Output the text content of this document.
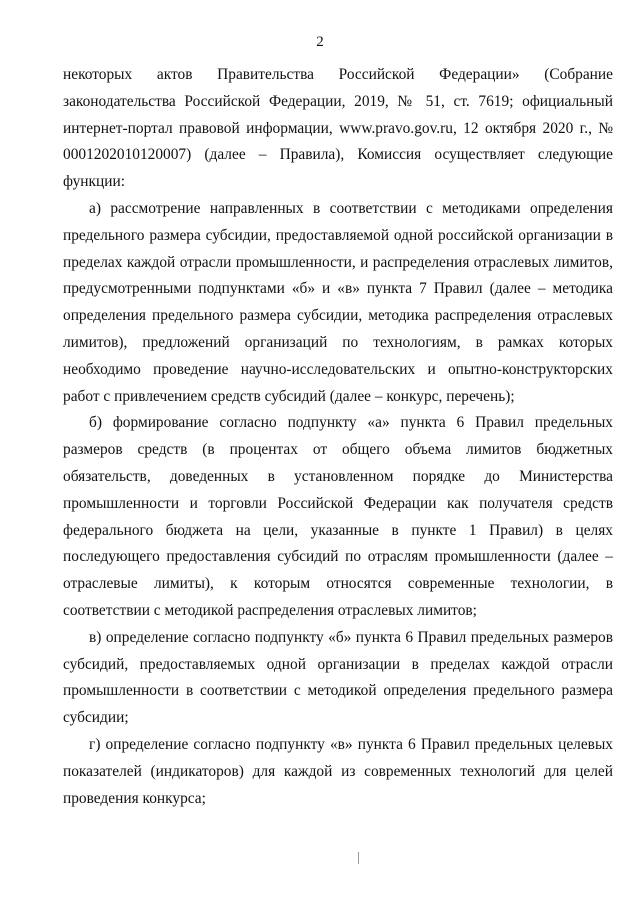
2

некоторых актов Правительства Российской Федерации» (Собрание законодательства Российской Федерации, 2019, № 51, ст. 7619; официальный интернет-портал правовой информации, www.pravo.gov.ru, 12 октября 2020 г., № 0001202010120007) (далее – Правила), Комиссия осуществляет следующие функции:

а) рассмотрение направленных в соответствии с методиками определения предельного размера субсидии, предоставляемой одной российской организации в пределах каждой отрасли промышленности, и распределения отраслевых лимитов, предусмотренными подпунктами «б» и «в» пункта 7 Правил (далее – методика определения предельного размера субсидии, методика распределения отраслевых лимитов), предложений организаций по технологиям, в рамках которых необходимо проведение научно-исследовательских и опытно-конструкторских работ с привлечением средств субсидий (далее – конкурс, перечень);

б) формирование согласно подпункту «а» пункта 6 Правил предельных размеров средств (в процентах от общего объема лимитов бюджетных обязательств, доведенных в установленном порядке до Министерства промышленности и торговли Российской Федерации как получателя средств федерального бюджета на цели, указанные в пункте 1 Правил) в целях последующего предоставления субсидий по отраслям промышленности (далее – отраслевые лимиты), к которым относятся современные технологии, в соответствии с методикой распределения отраслевых лимитов;

в) определение согласно подпункту «б» пункта 6 Правил предельных размеров субсидий, предоставляемых одной организации в пределах каждой отрасли промышленности в соответствии с методикой определения предельного размера субсидии;

г) определение согласно подпункту «в» пункта 6 Правил предельных целевых показателей (индикаторов) для каждой из современных технологий для целей проведения конкурса;
